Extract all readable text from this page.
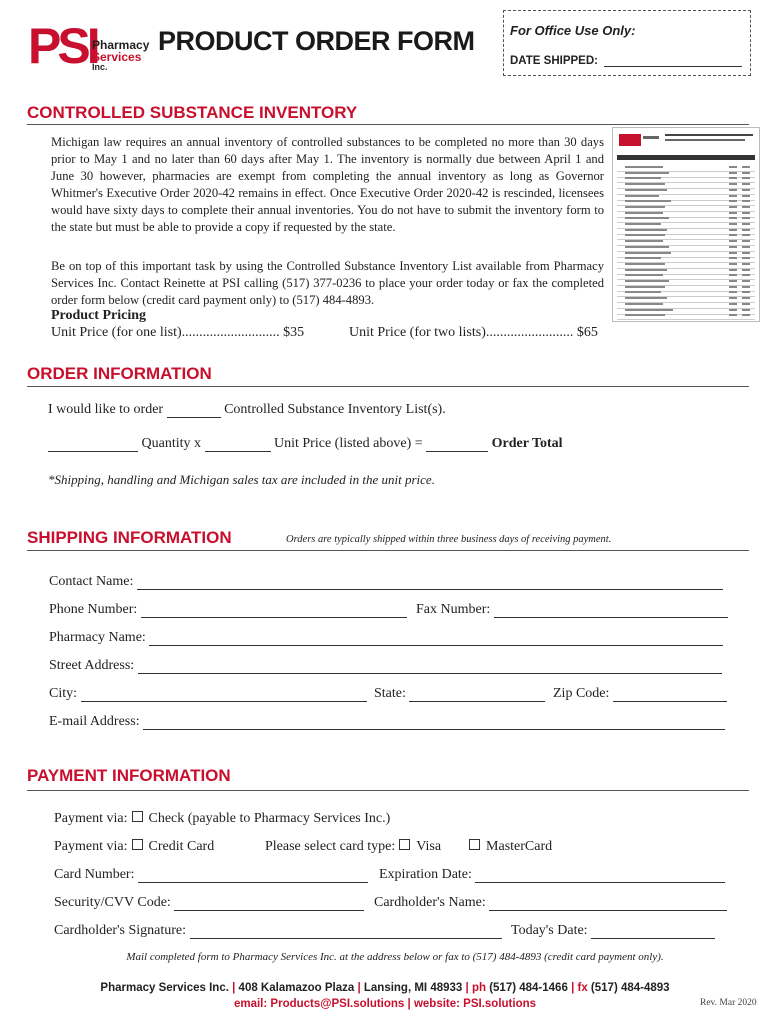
PSI
Pharmacy
Services
Inc.
PRODUCT ORDER FORM	For Office Use Only:
DATE SHIPPED:
CONTROLLED SUBSTANCE INVENTORY
Michigan law requires an annual inventory of controlled substances to be completed no more than 30 days prior to May 1 and no later than 60 days after May 1. The inventory is normally due between April 1 and June 30 however, pharmacies are exempt from completing the annual inventory as long as Governor Whitmer's Executive Order 2020-42 remains in effect. Once Executive Order 2020-42 is rescinded, licensees would have sixty days to complete their annual inventories. You do not have to submit the inventory form to the state but must be able to provide a copy if requested by the state.
Be on top of this important task by using the Controlled Substance Inventory List available from Pharmacy Services Inc. Contact Reinette at PSI calling (517) 377-0236 to place your order today or fax the completed order form below (credit card payment only) to (517) 484-4893.
Product Pricing
Unit Price (for one list)............................ $35	Unit Price (for two lists)......................... $65
ORDER INFORMATION
I would like to order	Controlled Substance Inventory List(s).
Quantity x	Unit Price (listed above) =	Order Total
*Shipping, handling and Michigan sales tax are included in the unit price.
SHIPPING INFORMATION	Orders are typically shipped within three business days of receiving payment.
Contact Name:
Phone Number:	Fax Number:
Pharmacy Name:
Street Address:
City:	State:	Zip Code:
E-mail Address:
PAYMENT INFORMATION
Payment via: Check (payable to Pharmacy Services Inc.)
Payment via: Credit Card	Please select card type: Visa	MasterCard
Card Number:	Expiration Date:
Security/CVV Code:	Cardholder's Name:
Cardholder's Signature:	Today's Date:
Mail completed form to Pharmacy Services Inc. at the address below or fax to (517) 484-4893 (credit card payment only).
Pharmacy Services Inc. | 408 Kalamazoo Plaza | Lansing, MI 48933 | ph (517) 484-1466 | fx (517) 484-4893
email: Products@PSI.solutions | website: PSI.solutions	Rev. Mar 2020
